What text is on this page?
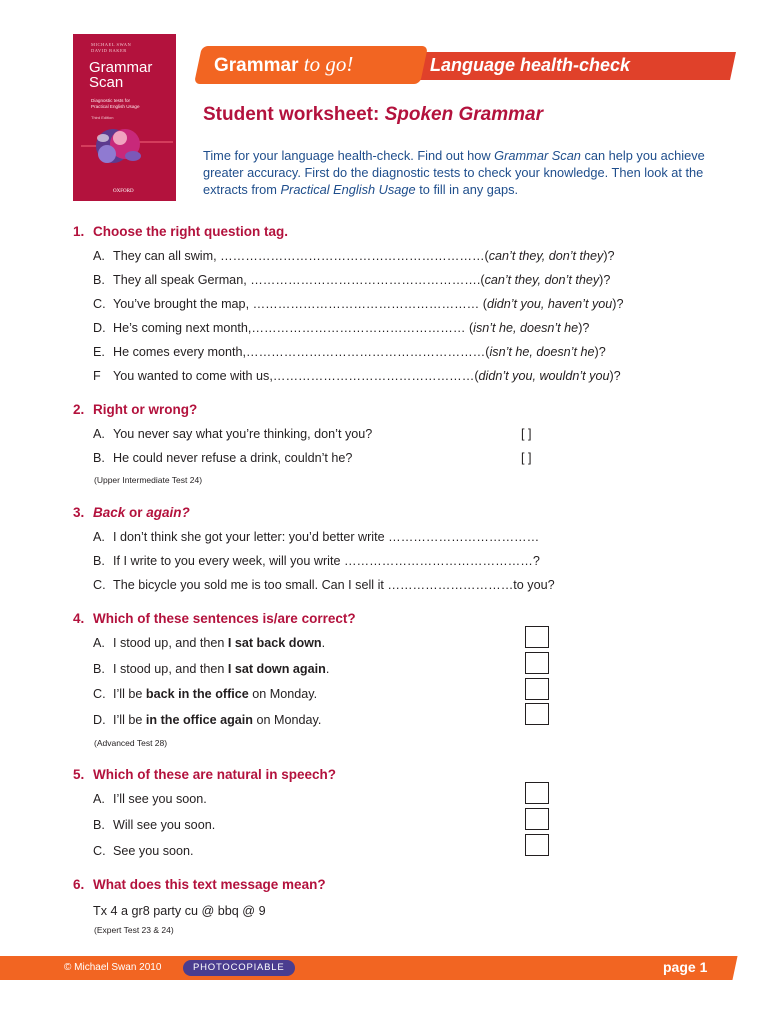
MICHAEL SWAN
DAVID BAKER
Grammar
Scan
Diagnostic tests for
Practical English Usage
Third Edition
OXFORD
Grammar to go!	Language health-check
Student worksheet: Spoken Grammar
Time for your language health-check. Find out how Grammar Scan can help you achieve greater accuracy. First do the diagnostic tests to check your knowledge. Then look at the extracts from Practical English Usage to fill in any gaps.
1. Choose the right question tag.
A. They can all swim, ………………………………………………………(can’t they, don’t they)?
B. They all speak German, ……………………………………………….(can’t they, don’t they)?
C. You’ve brought the map, ……………………………………………… (didn’t you, haven’t you)?
D. He’s coming next month,…………………………………………… (isn’t he, doesn’t he)?
E. He comes every month,…………………………………………………(isn’t he, doesn’t he)?
F You wanted to come with us,…………………………………………(didn’t you, wouldn’t you)?
2. Right or wrong?
A. You never say what you’re thinking, don’t you?	[ ]
B. He could never refuse a drink, couldn’t he?	[ ]
(Upper Intermediate Test 24)
3. Back or again?
A. I don’t think she got your letter: you’d better write ………………………………
B. If I write to you every week, will you write ………………………………………?
C. The bicycle you sold me is too small. Can I sell it …………………………to you?
4. Which of these sentences is/are correct?
A. I stood up, and then I sat back down.
B. I stood up, and then I sat down again.
C. I’ll be back in the office on Monday.
D. I’ll be in the office again on Monday.
(Advanced Test 28)
5. Which of these are natural in speech?
A. I’ll see you soon.
B. Will see you soon.
C. See you soon.
6. What does this text message mean?
Tx 4 a gr8 party cu @ bbq @ 9
(Expert Test 23 & 24)
© Michael Swan 2010	PHOTOCOPIABLE	page 1
